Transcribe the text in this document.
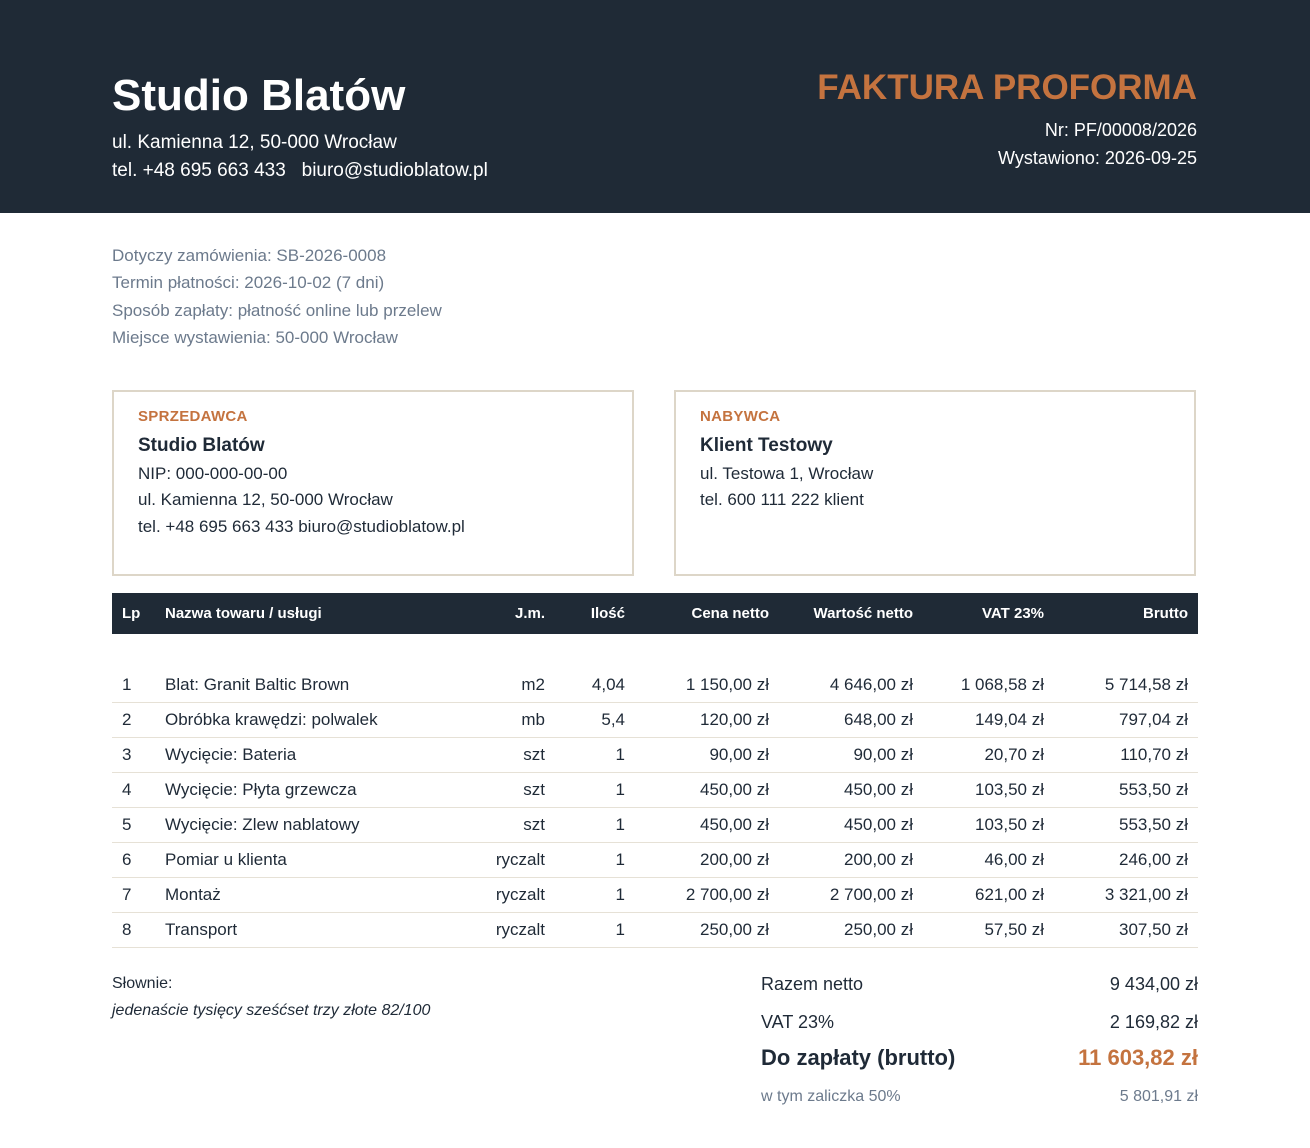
Studio Blatów
ul. Kamienna 12, 50-000 Wrocław
tel. +48 695 663 433   biuro@studioblatow.pl
FAKTURA PROFORMA
Nr: PF/00008/2026
Wystawiono: 2026-09-25
Dotyczy zamówienia: SB-2026-0008
Termin płatności: 2026-10-02 (7 dni)
Sposób zapłaty: płatność online lub przelew
Miejsce wystawienia: 50-000 Wrocław
SPRZEDAWCA
Studio Blatów
NIP: 000-000-00-00
ul. Kamienna 12, 50-000 Wrocław
tel. +48 695 663 433 biuro@studioblatow.pl
NABYWCA
Klient Testowy
ul. Testowa 1, Wrocław
tel. 600 111 222 klient
Lp	Nazwa towaru / usługi	J.m.	Ilość	Cena netto	Wartość netto	VAT 23%	Brutto

1	Blat: Granit Baltic Brown	m2	4,04	1 150,00 zł	4 646,00 zł	1 068,58 zł	5 714,58 zł
2	Obróbka krawędzi: polwalek	mb	5,4	120,00 zł	648,00 zł	149,04 zł	797,04 zł
3	Wycięcie: Bateria	szt	1	90,00 zł	90,00 zł	20,70 zł	110,70 zł
4	Wycięcie: Płyta grzewcza	szt	1	450,00 zł	450,00 zł	103,50 zł	553,50 zł
5	Wycięcie: Zlew nablatowy	szt	1	450,00 zł	450,00 zł	103,50 zł	553,50 zł
6	Pomiar u klienta	ryczalt	1	200,00 zł	200,00 zł	46,00 zł	246,00 zł
7	Montaż	ryczalt	1	2 700,00 zł	2 700,00 zł	621,00 zł	3 321,00 zł
8	Transport	ryczalt	1	250,00 zł	250,00 zł	57,50 zł	307,50 zł
Słownie:
jedenaście tysięcy sześćset trzy złote 82/100
Razem netto	9 434,00 zł
VAT 23%	2 169,82 zł
Do zapłaty (brutto)	11 603,82 zł
w tym zaliczka 50%	5 801,91 zł
